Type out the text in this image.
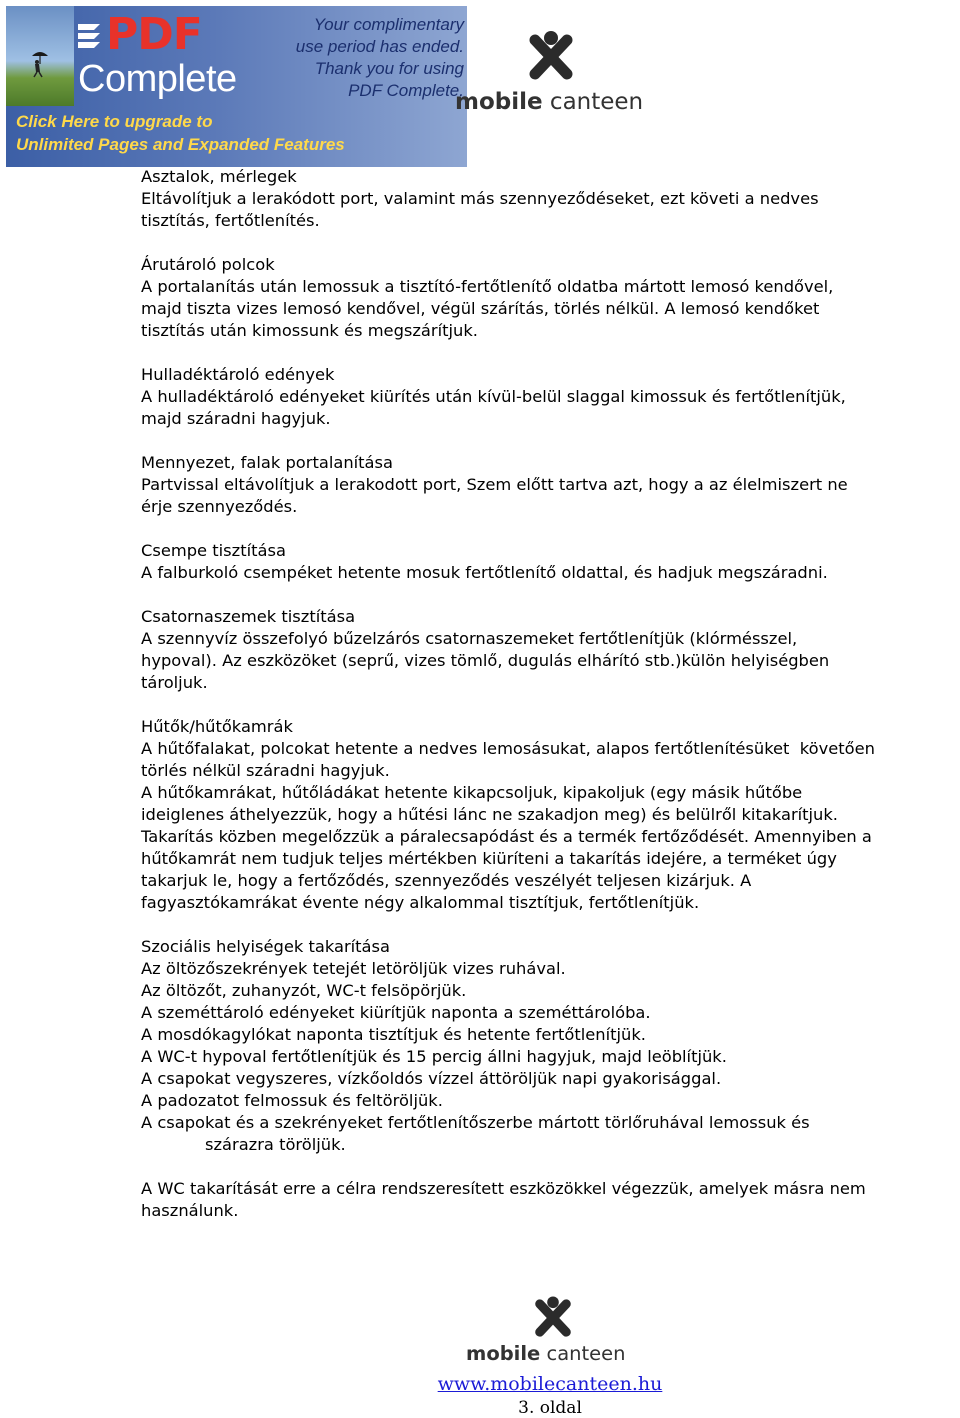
PDF
Complete
Your complimentary
use period has ended.
Thank you for using
PDF Complete.
Click Here to upgrade to
Unlimited Pages and Expanded Features
mobile canteen

Asztalok, mérlegek

Eltávolítjuk a lerakódott port, valamint más szennyeződéseket, ezt követi a nedves

tisztítás, fertőtlenítés.

Árutároló polcok

A portalanítás után lemossuk a tisztító-fertőtlenítő oldatba mártott lemosó kendővel,

majd tiszta vizes lemosó kendővel, végül szárítás, törlés nélkül. A lemosó kendőket

tisztítás után kimossunk és megszárítjuk.

Hulladéktároló edények

A hulladéktároló edényeket kiürítés után kívül-belül slaggal kimossuk és fertőtlenítjük,

majd száradni hagyjuk.

Mennyezet, falak portalanítása

Partvissal eltávolítjuk a lerakodott port, Szem előtt tartva azt, hogy a az élelmiszert ne

érje szennyeződés.

Csempe tisztítása

A falburkoló csempéket hetente mosuk fertőtlenítő oldattal, és hadjuk megszáradni.

Csatornaszemek tisztítása

A szennyvíz összefolyó bűzelzárós csatornaszemeket fertőtlenítjük (klórmésszel,

hypoval). Az eszközöket (seprű, vizes tömlő, dugulás elhárító stb.)külön helyiségben

tároljuk.

Hűtők/hűtőkamrák

A hűtőfalakat, polcokat hetente a nedves lemosásukat, alapos fertőtlenítésüket  követően

törlés nélkül száradni hagyjuk.

A hűtőkamrákat, hűtőládákat hetente kikapcsoljuk, kipakoljuk (egy másik hűtőbe

ideiglenes áthelyezzük, hogy a hűtési lánc ne szakadjon meg) és belülről kitakarítjuk.

Takarítás közben megelőzzük a páralecsapódást és a termék fertőződését. Amennyiben a

hűtőkamrát nem tudjuk teljes mértékben kiüríteni a takarítás idejére, a terméket úgy

takarjuk le, hogy a fertőződés, szennyeződés veszélyét teljesen kizárjuk. A

fagyasztókamrákat évente négy alkalommal tisztítjuk, fertőtlenítjük.

Szociális helyiségek takarítása

Az öltözőszekrények tetejét letöröljük vizes ruhával.

Az öltözőt, zuhanyzót, WC-t felsöpörjük.

A szeméttároló edényeket kiürítjük naponta a szeméttárolóba.

A mosdókagylókat naponta tisztítjuk és hetente fertőtlenítjük.

A WC-t hypoval fertőtlenítjük és 15 percig állni hagyjuk, majd leöblítjük.

A csapokat vegyszeres, vízkőoldós vízzel áttöröljük napi gyakorisággal.

A padozatot felmossuk és feltöröljük.

A csapokat és a szekrényeket fertőtlenítőszerbe mártott törlőruhával lemossuk és

szárazra töröljük.

A WC takarítását erre a célra rendszeresített eszközökkel végezzük, amelyek másra nem

használunk.

mobile canteen
www.mobilecanteen.hu
3. oldal
